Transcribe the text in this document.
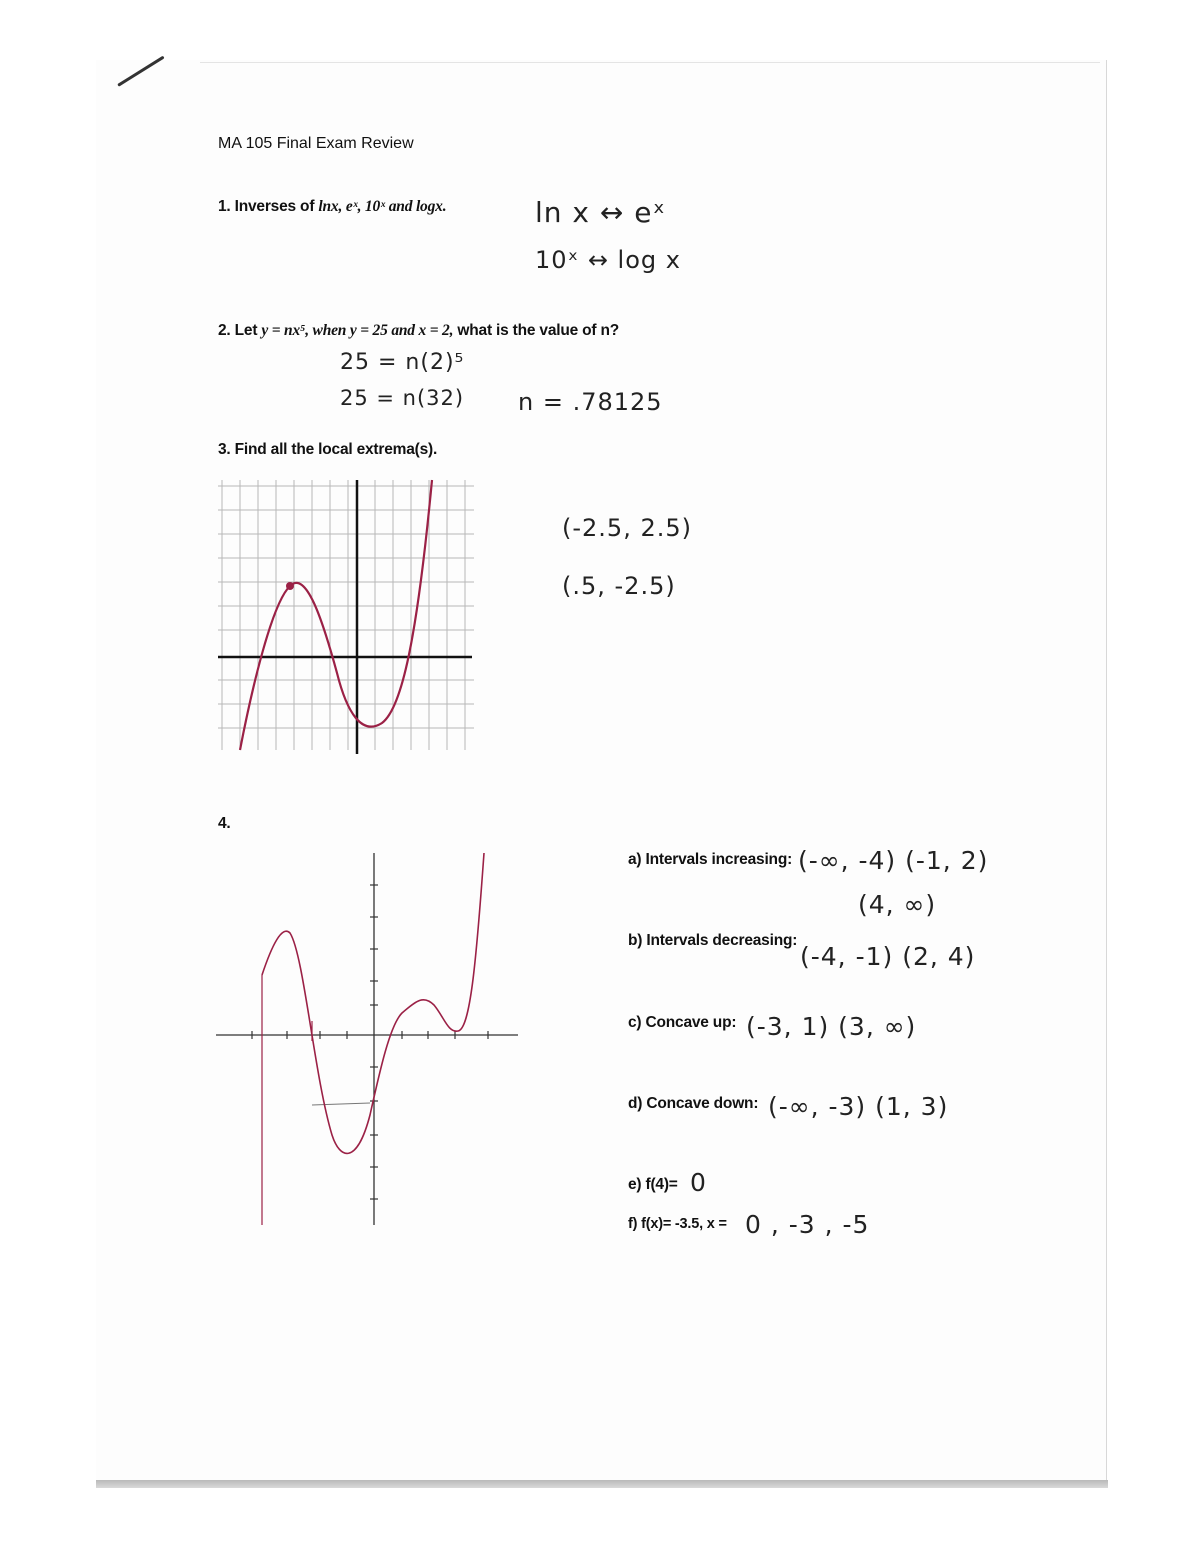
MA 105 Final Exam Review
1. Inverses of lnx, eˣ, 10ˣ and logx.	ln x ↔ eˣ
10ˣ ↔ log x
2. Let y = nx⁵, when y = 25 and x = 2, what is the value of n?
25 = n(2)⁵
25 = n(32) n = .78125
3. Find all the local extrema(s).
(-2.5, 2.5)
(.5, -2.5)
4.
a) Intervals increasing: (-∞, -4) (-1, 2)
(4, ∞)
b) Intervals decreasing:
(-4, -1) (2, 4)
c) Concave up: (-3, 1) (3, ∞)
d) Concave down: (-∞, -3) (1, 3)
e) f(4)= 0
f) f(x)= -3.5, x = 0 , -3 , -5
